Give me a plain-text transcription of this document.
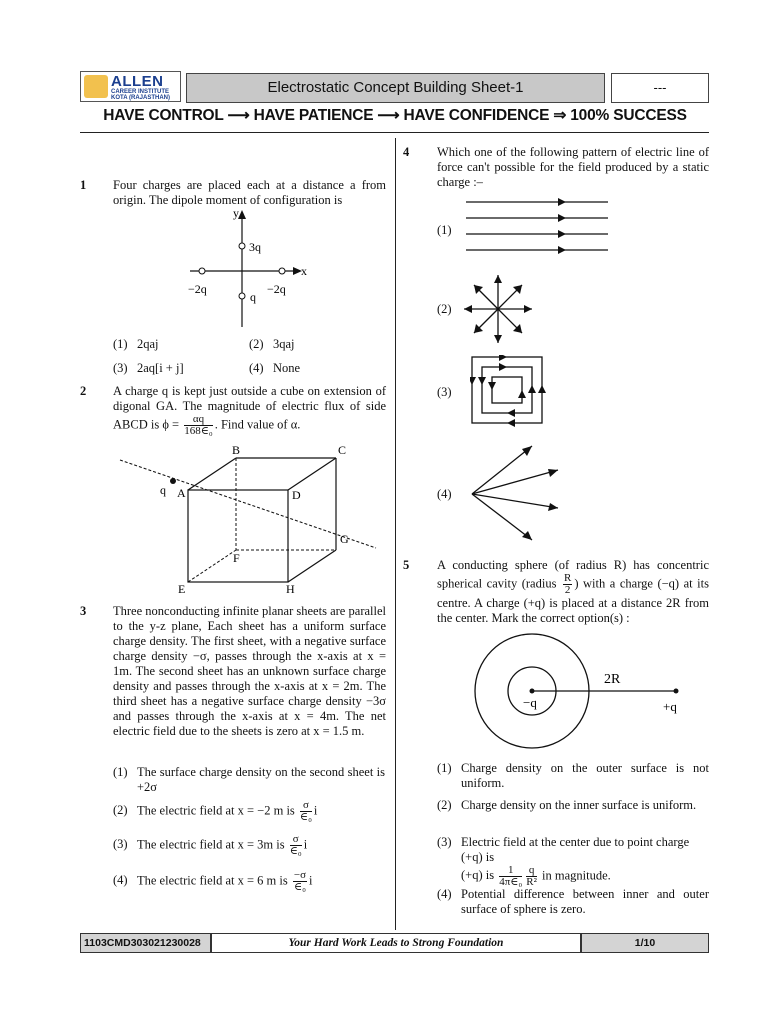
ALLEN
CAREER INSTITUTE
KOTA (RAJASTHAN)
Electrostatic Concept Building Sheet-1	---
HAVE CONTROL ⟶ HAVE PATIENCE ⟶ HAVE CONFIDENCE ⇒ 100% SUCCESS
1 Four charges are placed each at a distance a from origin. The dipole moment of configuration is
y
x
3q
−2q	−2q
q
(1) 2qaj	(2) 3qaj
(3) 2aq[i + j]	(4) None
2 A charge q is kept just outside a cube on extension of digonal GA. The magnitude of electric flux of side ABCD is $\phi = \frac{\alpha q}{\text{168∈₀}}$ . Find value of α.
B	C
A	D
G
F
E	H
q
3 Three nonconducting infinite planar sheets are parallel to the y-z plane, Each sheet has a uniform surface charge density. The first sheet, with a negative surface charge density −σ, passes through the x-axis at x = 1m. The second sheet has an unknown surface charge density and passes through the x-axis at x = 2m. The third sheet has a negative surface charge density −3σ and passes through the x-axis at x = 4m. The net electric field due to the sheets is zero at x = 1.5 m.
(1) The surface charge density on the second sheet is +2σ
(2) The electric field at x = −2 m is $\frac{\sigma}{\text{∈₀}}$ i
(3) The electric field at x = 3m is $\frac{\sigma}{\text{∈₀}}$ i
(4) The electric field at x = 6 m is $\frac{-\sigma}{\text{∈₀}}$ i
4 Which one of the following pattern of electric line of force can't possible for the field produced by a static charge :–
(1)
(2)
(3)
(4)
5 A conducting sphere (of radius R) has concentric spherical cavity (radius $\frac{R}{2}$ ) with a charge (−q) at its centre. A charge (+q) is placed at a distance 2R from the center. Mark the correct option(s) :
−q
2R
+q
(1) Charge density on the outer surface is not uniform.
(2) Charge density on the inner surface is uniform.
(3) Electric field at the center due to point charge (+q) is
(+q) is $\frac{1}{\text{4π∈₀}} \frac{q}{\text{R²}}$ in magnitude.
(4) Potential difference between inner and outer surface of sphere is zero.
1103CMD303021230028	Your Hard Work Leads to Strong Foundation	1/10
